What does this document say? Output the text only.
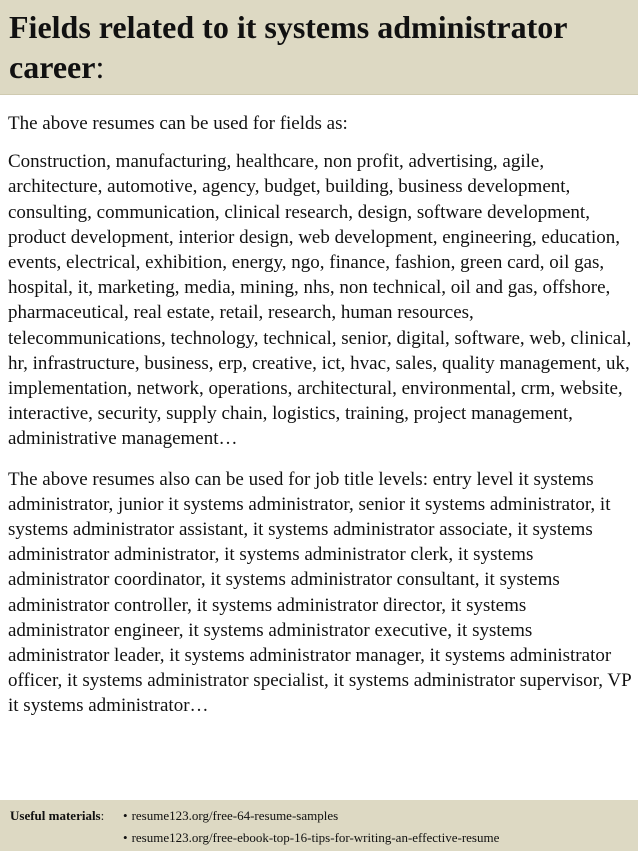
Fields related to it systems administrator career:

The above resumes can be used for fields as:

Construction, manufacturing, healthcare, non profit, advertising, agile, architecture, automotive, agency, budget, building, business development, consulting, communication, clinical research, design, software development, product development, interior design, web development, engineering, education, events, electrical, exhibition, energy, ngo, finance, fashion, green card, oil gas, hospital, it, marketing, media, mining, nhs, non technical, oil and gas, offshore, pharmaceutical, real estate, retail, research, human resources, telecommunications, technology, technical, senior, digital, software, web, clinical, hr, infrastructure, business, erp, creative, ict, hvac, sales, quality management, uk, implementation, network, operations, architectural, environmental, crm, website, interactive, security, supply chain, logistics, training, project management, administrative management…

The above resumes also can be used for job title levels: entry level it systems administrator, junior it systems administrator, senior it systems administrator, it systems administrator assistant, it systems administrator associate, it systems administrator administrator, it systems administrator clerk, it systems administrator coordinator, it systems administrator consultant, it systems administrator controller, it systems administrator director, it systems administrator engineer, it systems administrator executive, it systems administrator leader, it systems administrator manager, it systems administrator officer, it systems administrator specialist, it systems administrator supervisor, VP it systems administrator…

Useful materials: • resume123.org/free-64-resume-samples
• resume123.org/free-ebook-top-16-tips-for-writing-an-effective-resume
